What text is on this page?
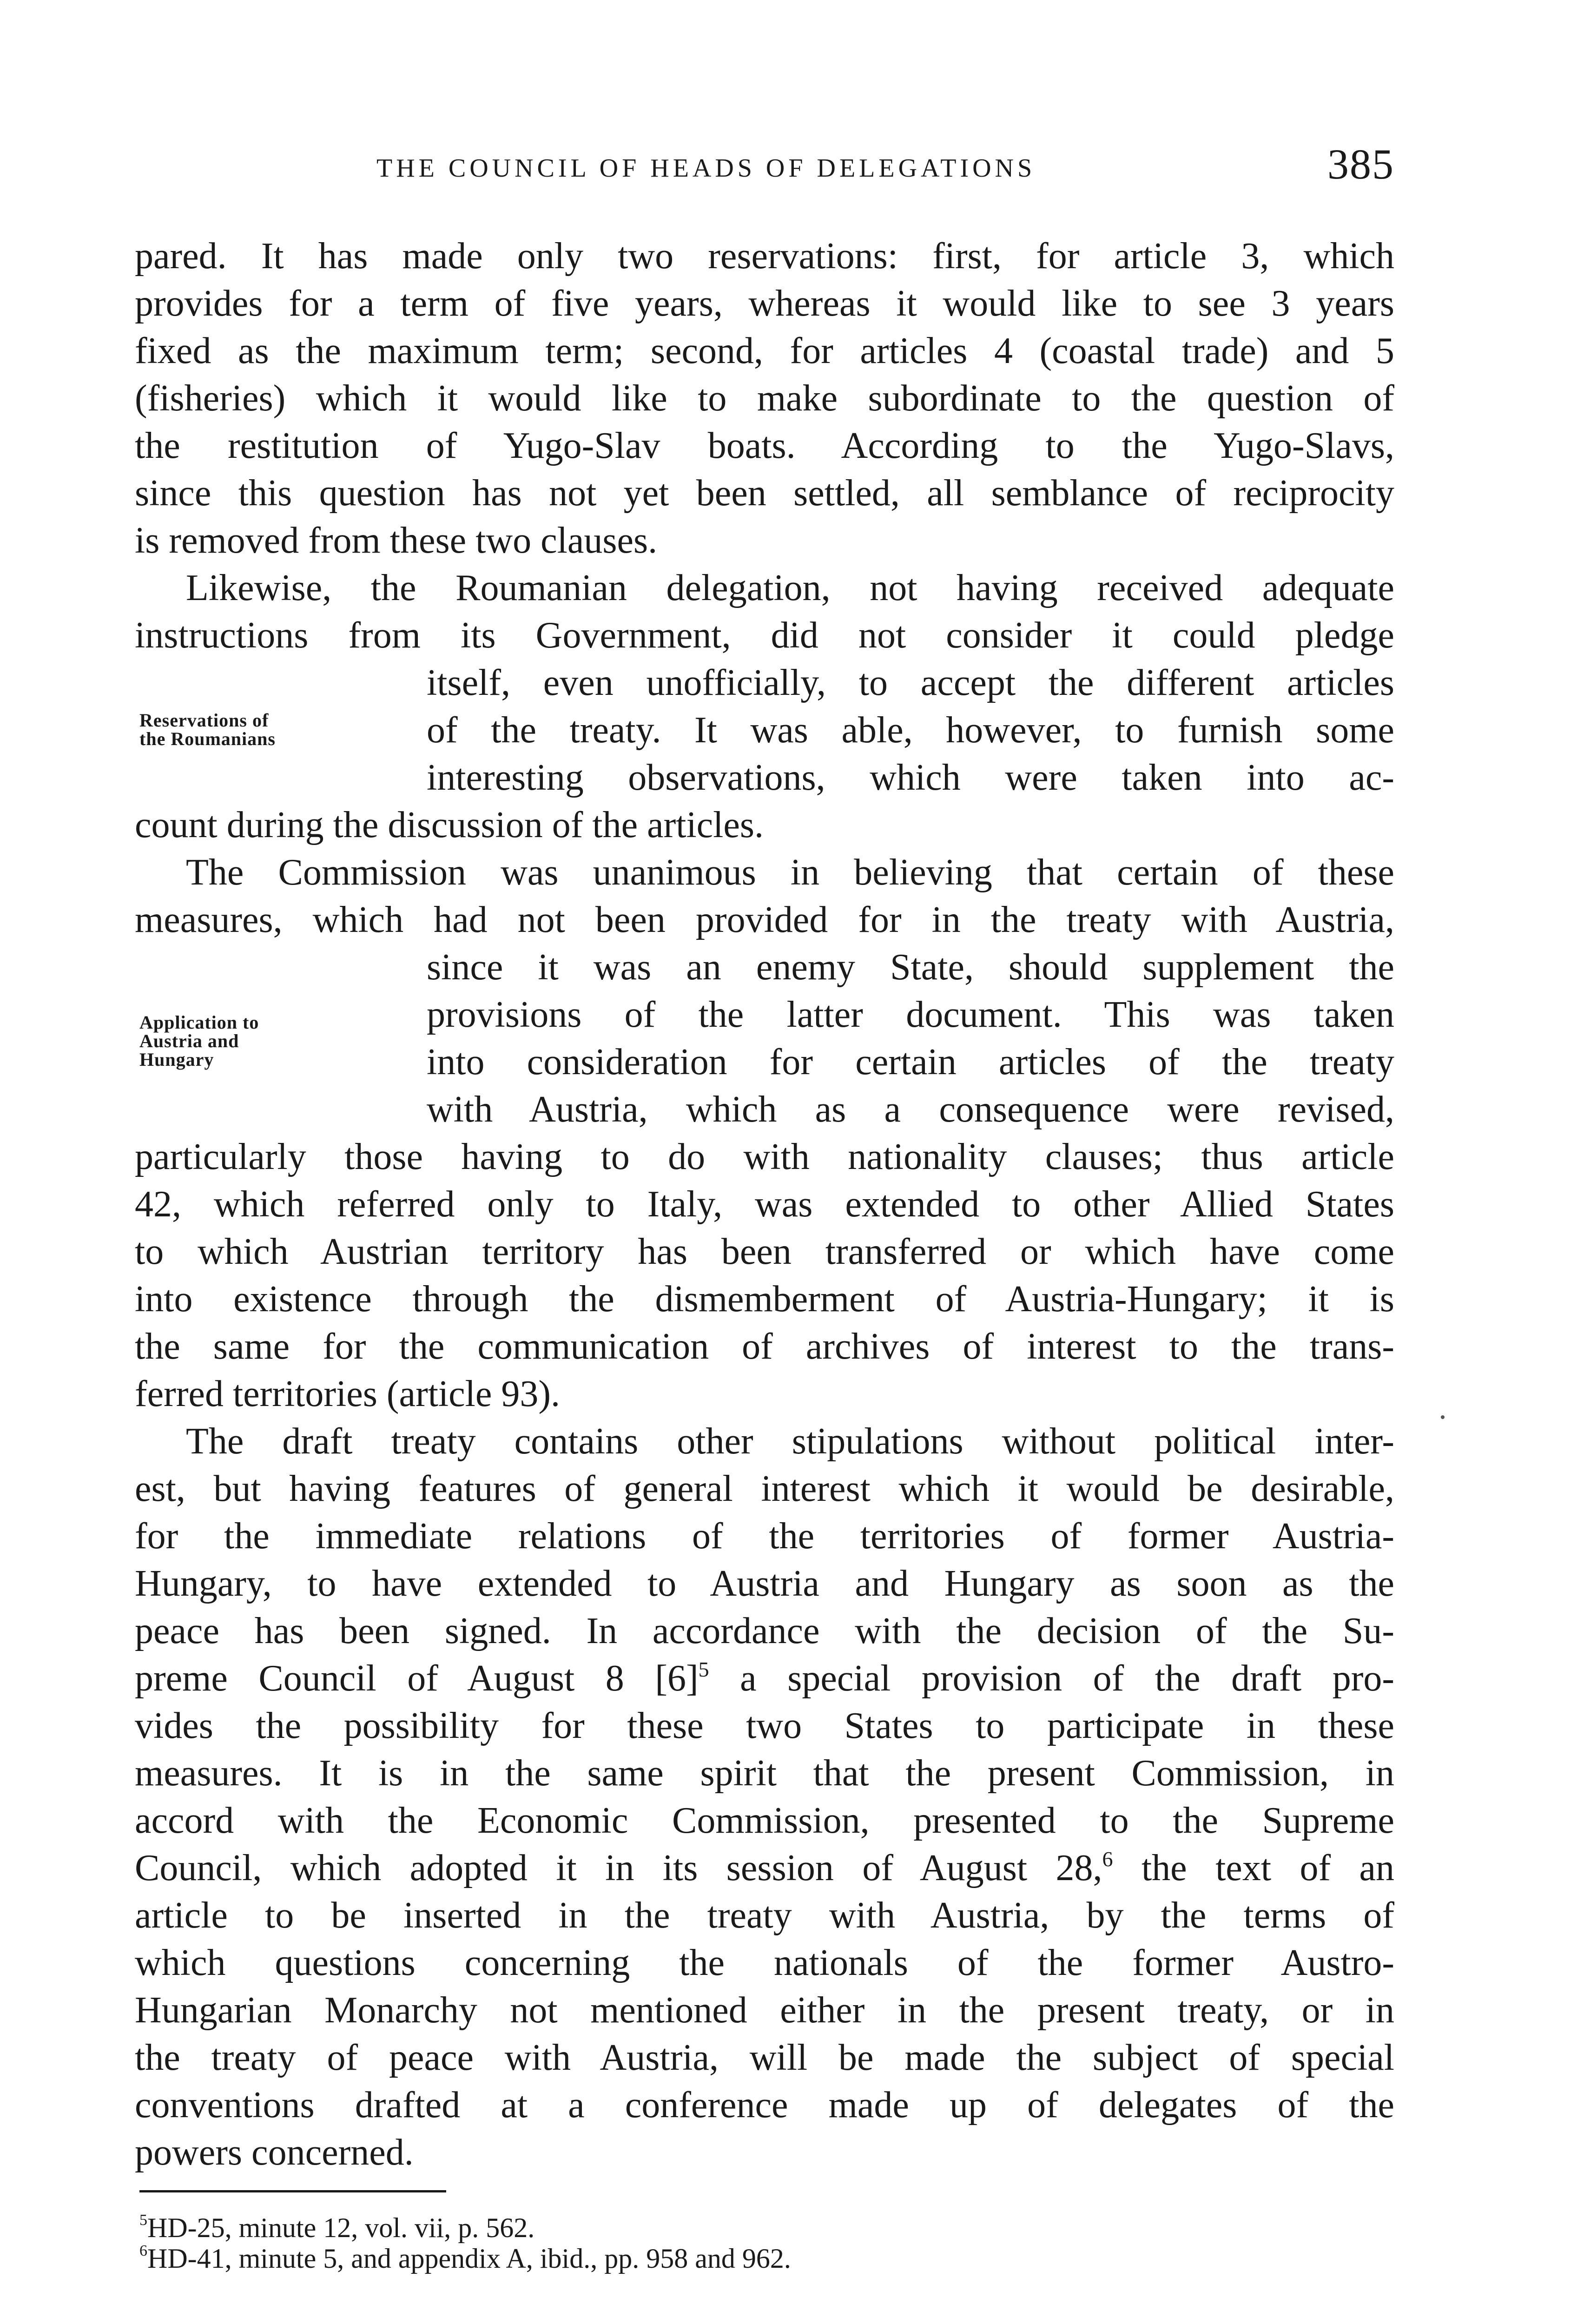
THE COUNCIL OF HEADS OF DELEGATIONS	385
pared. It has made only two reservations: first, for article 3, which
provides for a term of five years, whereas it would like to see 3 years
fixed as the maximum term; second, for articles 4 (coastal trade) and 5
(fisheries) which it would like to make subordinate to the question of
the restitution of Yugo-Slav boats. According to the Yugo-Slavs,
since this question has not yet been settled, all semblance of reciprocity
is removed from these two clauses.
Likewise, the Roumanian delegation, not having received adequate
instructions from its Government, did not consider it could pledge
itself, even unofficially, to accept the different articles
of the treaty. It was able, however, to furnish some
interesting observations, which were taken into ac-
count during the discussion of the articles.
Reservations of
the Roumanians
The Commission was unanimous in believing that certain of these
measures, which had not been provided for in the treaty with Austria,
since it was an enemy State, should supplement the
provisions of the latter document. This was taken
into consideration for certain articles of the treaty
with Austria, which as a consequence were revised,
particularly those having to do with nationality clauses; thus article
42, which referred only to Italy, was extended to other Allied States
to which Austrian territory has been transferred or which have come
into existence through the dismemberment of Austria-Hungary; it is
the same for the communication of archives of interest to the trans-
ferred territories (article 93).
Application to
Austria and
Hungary
The draft treaty contains other stipulations without political inter-
est, but having features of general interest which it would be desirable,
for the immediate relations of the territories of former Austria-
Hungary, to have extended to Austria and Hungary as soon as the
peace has been signed. In accordance with the decision of the Su-
preme Council of August 8 $[6]^5$ a special provision of the draft pro-
vides the possibility for these two States to participate in these
measures. It is in the same spirit that the present Commission, in
accord with the Economic Commission, presented to the Supreme
Council, which adopted it in its session of August 28,$^6$ the text of an
article to be inserted in the treaty with Austria, by the terms of
which questions concerning the nationals of the former Austro-
Hungarian Monarchy not mentioned either in the present treaty, or in
the treaty of peace with Austria, will be made the subject of special
conventions drafted at a conference made up of delegates of the
powers concerned.
$^5$HD-25, minute 12, vol. vii, p. 562.
$^6$HD-41, minute 5, and appendix A, ibid., pp. 958 and 962.
